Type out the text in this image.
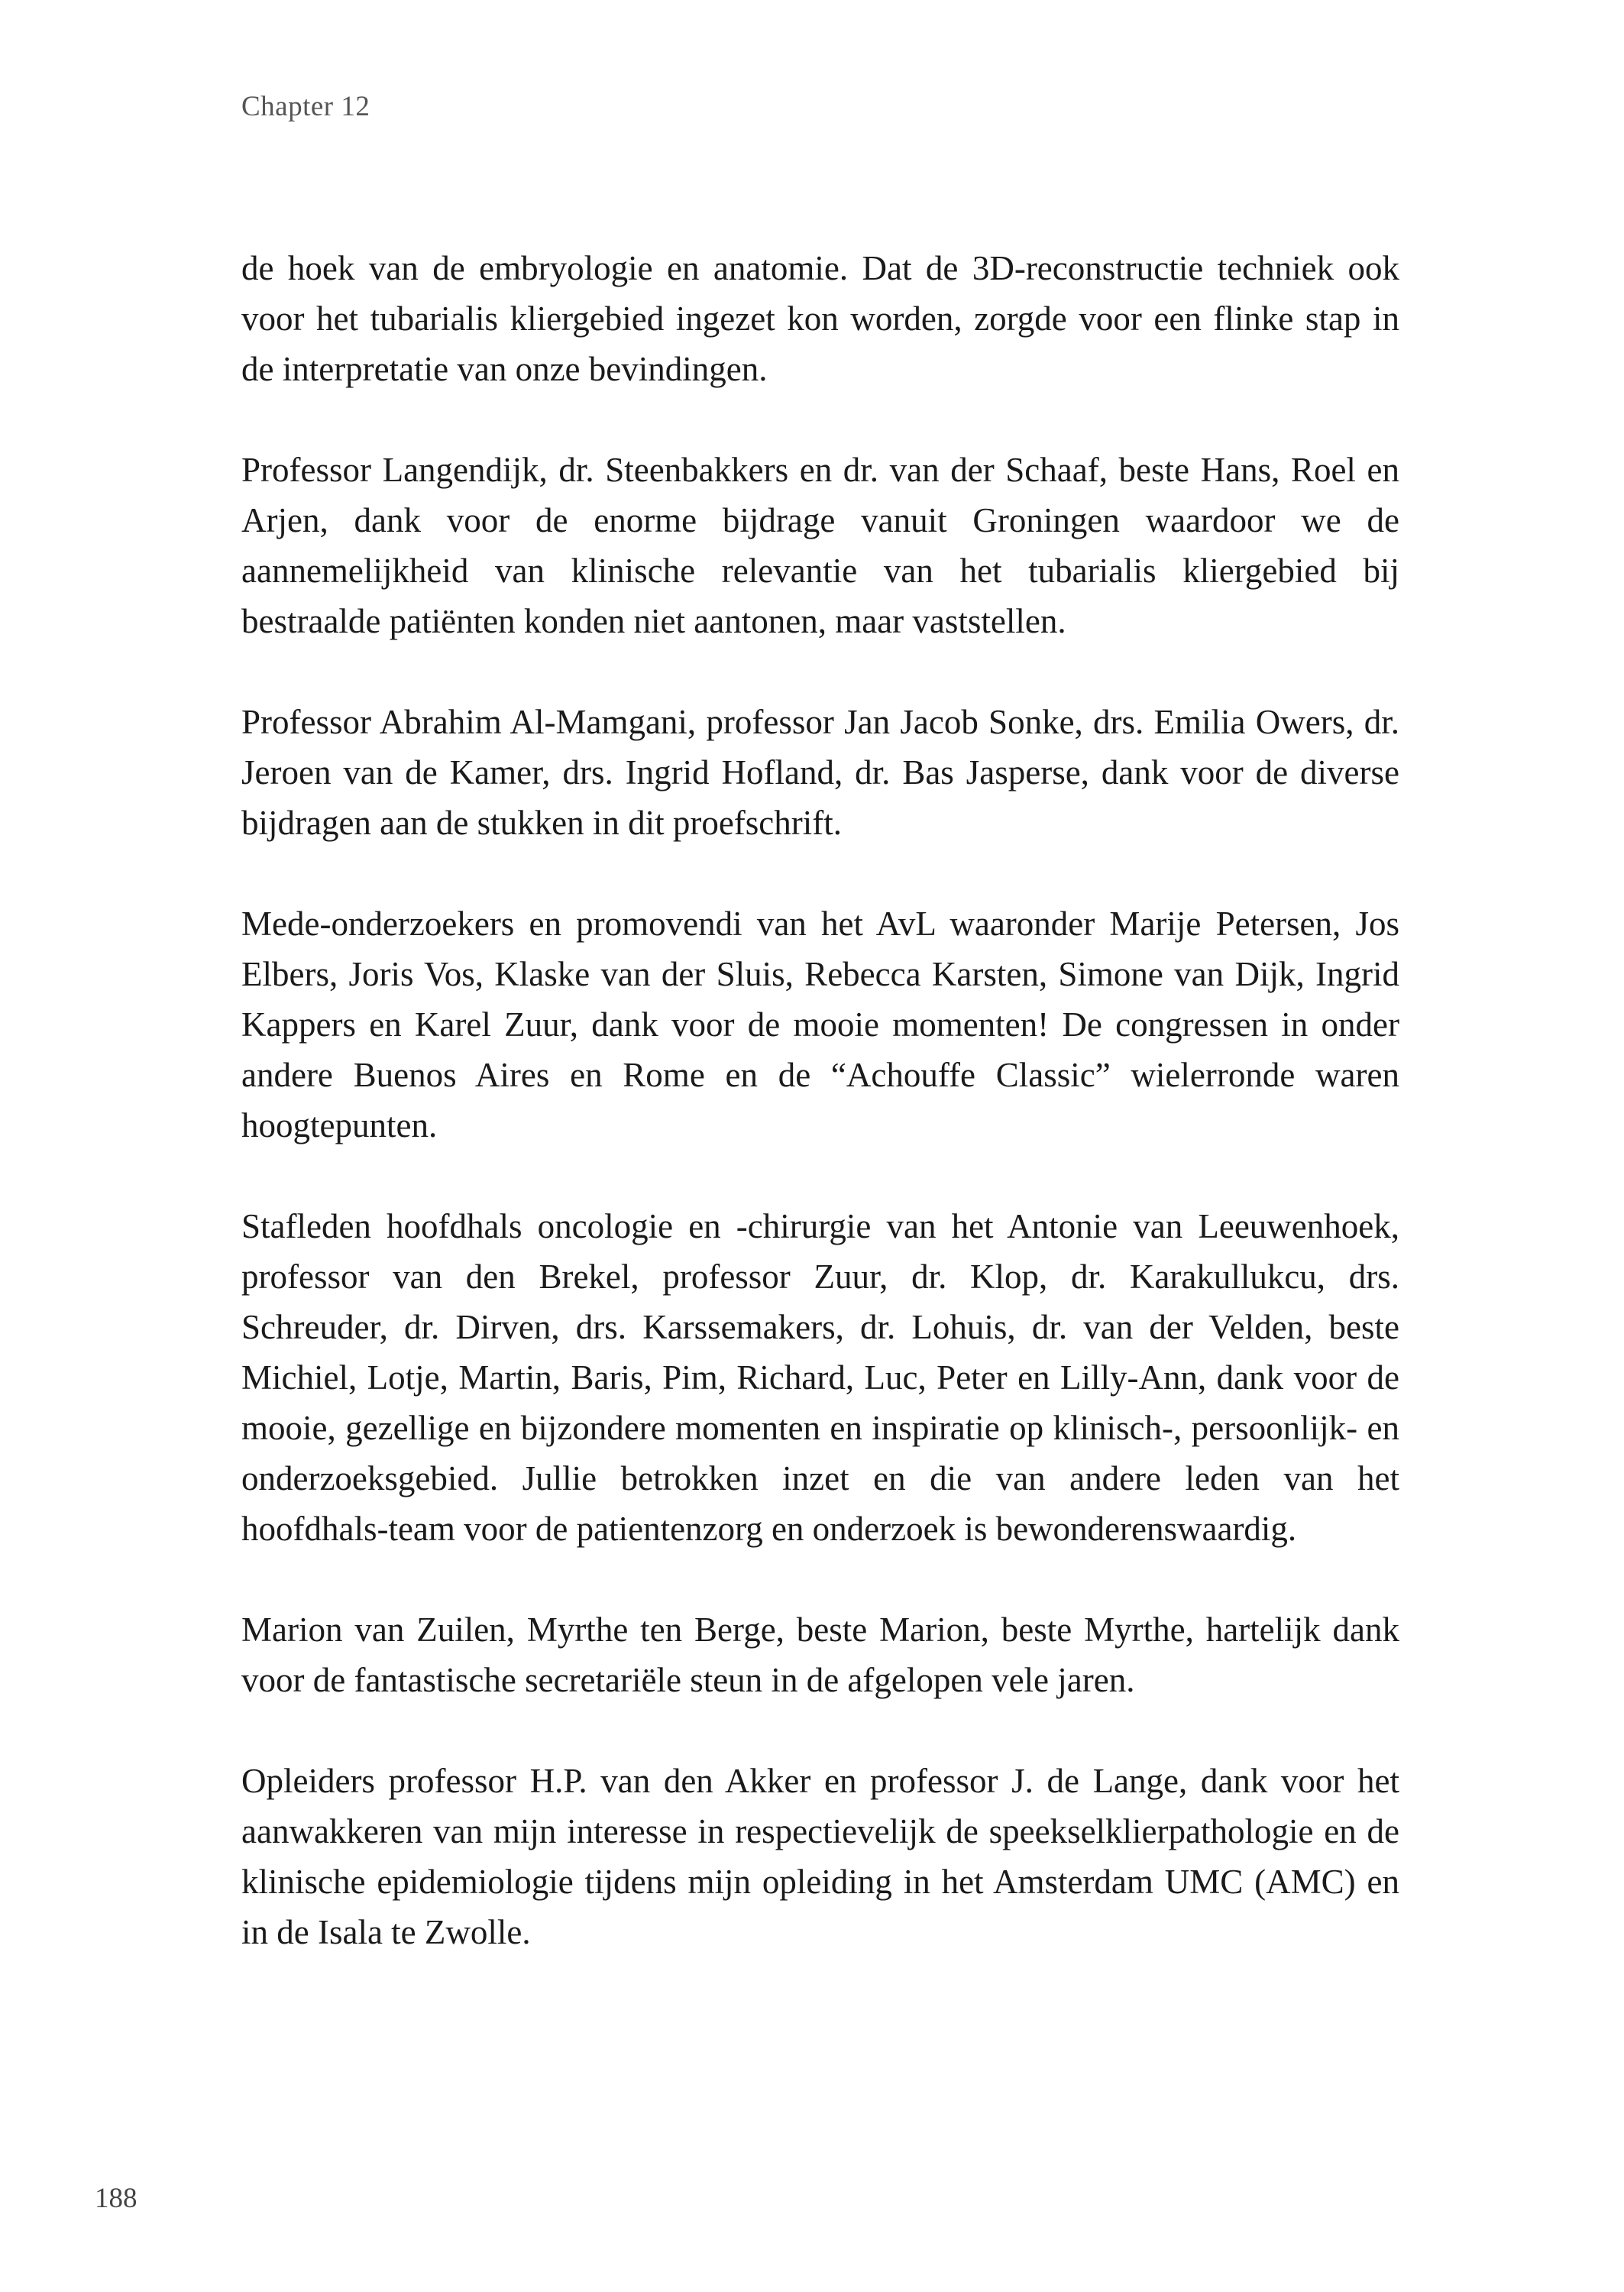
Chapter 12

de hoek van de embryologie en anatomie. Dat de 3D-reconstructie techniek ook voor het tubarialis kliergebied ingezet kon worden, zorgde voor een flinke stap in de interpretatie van onze bevindingen.

Professor Langendijk, dr. Steenbakkers en dr. van der Schaaf, beste Hans, Roel en Arjen, dank voor de enorme bijdrage vanuit Groningen waardoor we de aannemelijkheid van klinische relevantie van het tubarialis kliergebied bij bestraalde patiënten konden niet aantonen, maar vaststellen.

Professor Abrahim Al-Mamgani, professor Jan Jacob Sonke, drs. Emilia Owers, dr. Jeroen van de Kamer, drs. Ingrid Hofland, dr. Bas Jasperse, dank voor de diverse bijdragen aan de stukken in dit proefschrift.

Mede-onderzoekers en promovendi van het AvL waaronder Marije Petersen, Jos Elbers, Joris Vos, Klaske van der Sluis, Rebecca Karsten, Simone van Dijk, Ingrid Kappers en Karel Zuur, dank voor de mooie momenten! De congressen in onder andere Buenos Aires en Rome en de “Achouffe Classic” wielerronde waren hoogtepunten.

Stafleden hoofdhals oncologie en -chirurgie van het Antonie van Leeuwenhoek, professor van den Brekel, professor Zuur, dr. Klop, dr. Karakullukcu, drs. Schreuder, dr. Dirven, drs. Karssemakers, dr. Lohuis, dr. van der Velden, beste Michiel, Lotje, Martin, Baris, Pim, Richard, Luc, Peter en Lilly-Ann, dank voor de mooie, gezellige en bijzondere momenten en inspiratie op klinisch-, persoonlijk- en onderzoeksgebied. Jullie betrokken inzet en die van andere leden van het hoofdhals-team voor de patientenzorg en onderzoek is bewonderenswaardig.

Marion van Zuilen, Myrthe ten Berge, beste Marion, beste Myrthe, hartelijk dank voor de fantastische secretariële steun in de afgelopen vele jaren.

Opleiders professor H.P. van den Akker en professor J. de Lange, dank voor het aanwakkeren van mijn interesse in respectievelijk de speekselklierpathologie en de klinische epidemiologie tijdens mijn opleiding in het Amsterdam UMC (AMC) en in de Isala te Zwolle.

188
